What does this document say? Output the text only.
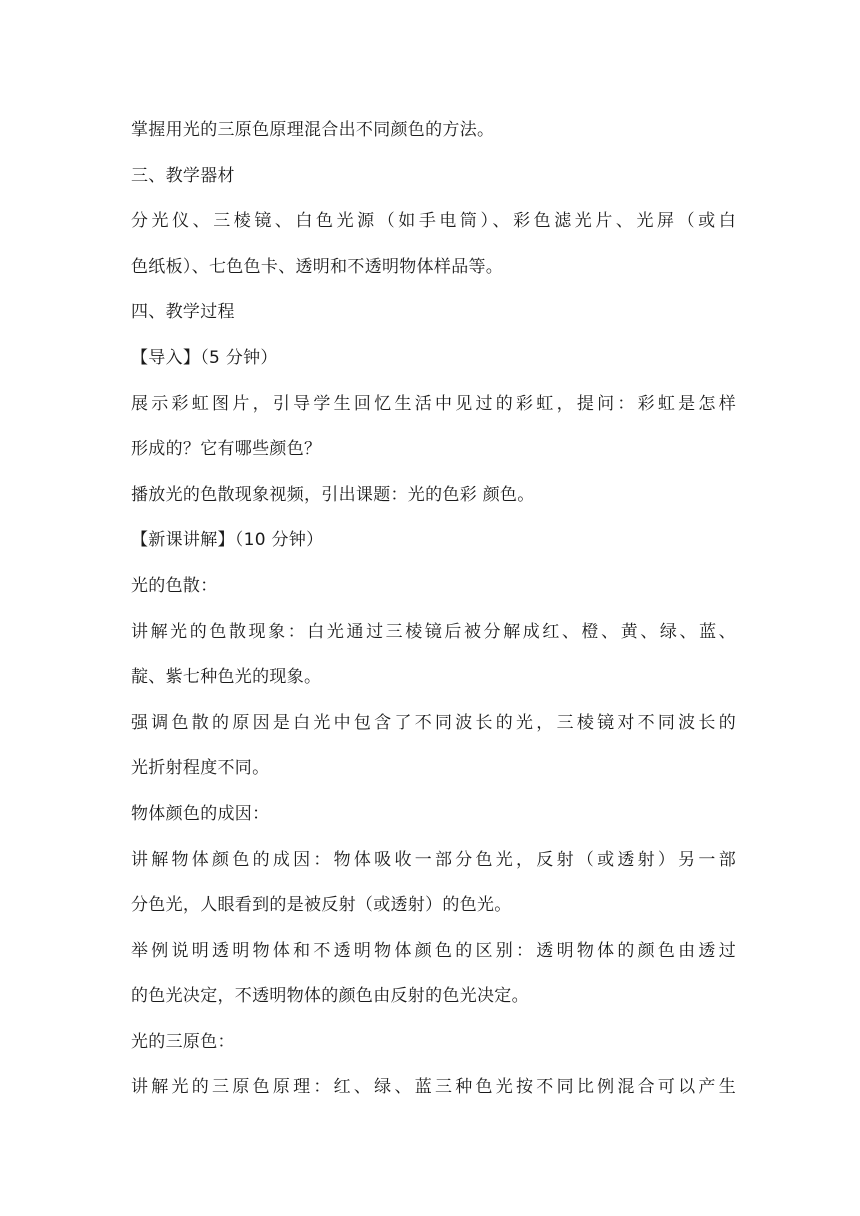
掌握用光的三原色原理混合出不同颜色的方法。
三、教学器材
分光仪、三棱镜、白色光源（如手电筒）、彩色滤光片、光屏（或白
色纸板）、七色色卡、透明和不透明物体样品等。
四、教学过程
【导入】（5 分钟）
展示彩虹图片，引导学生回忆生活中见过的彩虹，提问：彩虹是怎样
形成的？它有哪些颜色？
播放光的色散现象视频，引出课题：光的色彩 颜色。
【新课讲解】（10 分钟）
光的色散：
讲解光的色散现象：白光通过三棱镜后被分解成红、橙、黄、绿、蓝、
靛、紫七种色光的现象。
强调色散的原因是白光中包含了不同波长的光，三棱镜对不同波长的
光折射程度不同。
物体颜色的成因：
讲解物体颜色的成因：物体吸收一部分色光，反射（或透射）另一部
分色光，人眼看到的是被反射（或透射）的色光。
举例说明透明物体和不透明物体颜色的区别：透明物体的颜色由透过
的色光决定，不透明物体的颜色由反射的色光决定。
光的三原色：
讲解光的三原色原理：红、绿、蓝三种色光按不同比例混合可以产生
